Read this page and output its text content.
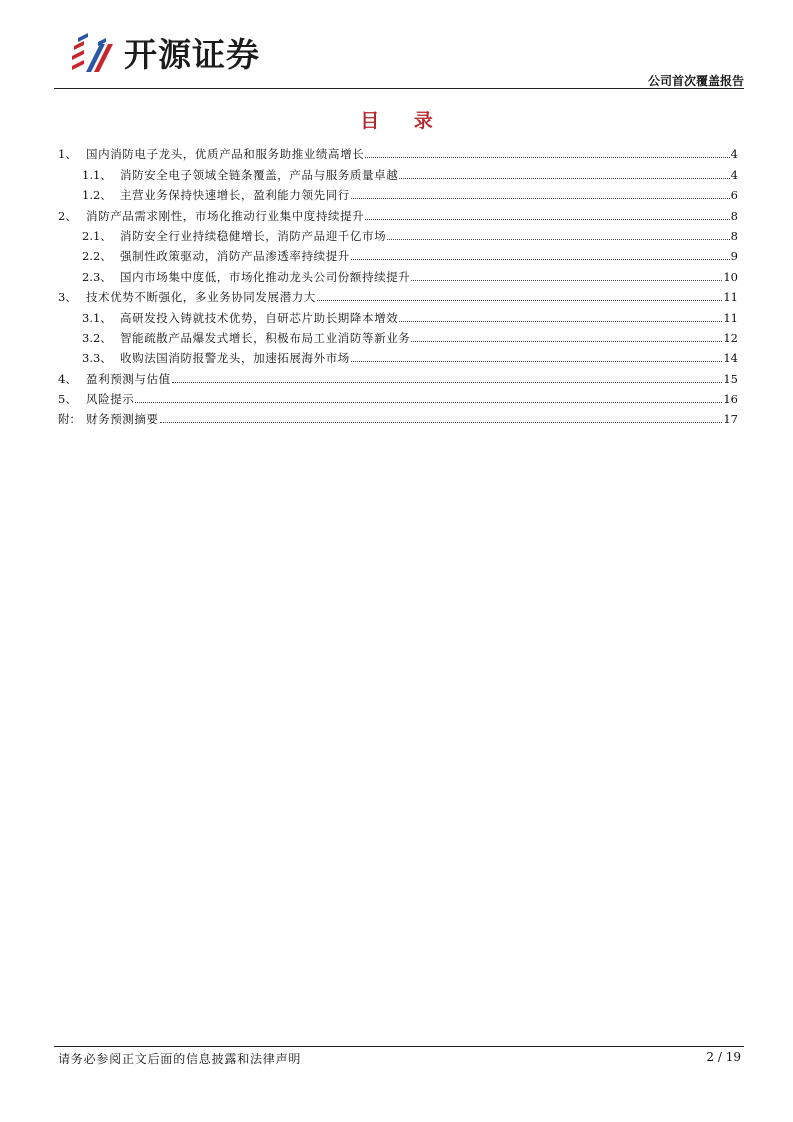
开源证券
公司首次覆盖报告
目 录
1、 国内消防电子龙头，优质产品和服务助推业绩高增长	4
1.1、 消防安全电子领域全链条覆盖，产品与服务质量卓越	4
1.2、 主营业务保持快速增长，盈利能力领先同行	6
2、 消防产品需求刚性，市场化推动行业集中度持续提升	8
2.1、 消防安全行业持续稳健增长，消防产品迎千亿市场	8
2.2、 强制性政策驱动，消防产品渗透率持续提升	9
2.3、 国内市场集中度低，市场化推动龙头公司份额持续提升	10
3、 技术优势不断强化，多业务协同发展潜力大	11
3.1、 高研发投入铸就技术优势，自研芯片助长期降本增效	11
3.2、 智能疏散产品爆发式增长，积极布局工业消防等新业务	12
3.3、 收购法国消防报警龙头，加速拓展海外市场	14
4、 盈利预测与估值	15
5、 风险提示	16
附： 财务预测摘要	17
请务必参阅正文后面的信息披露和法律声明	2 / 19
